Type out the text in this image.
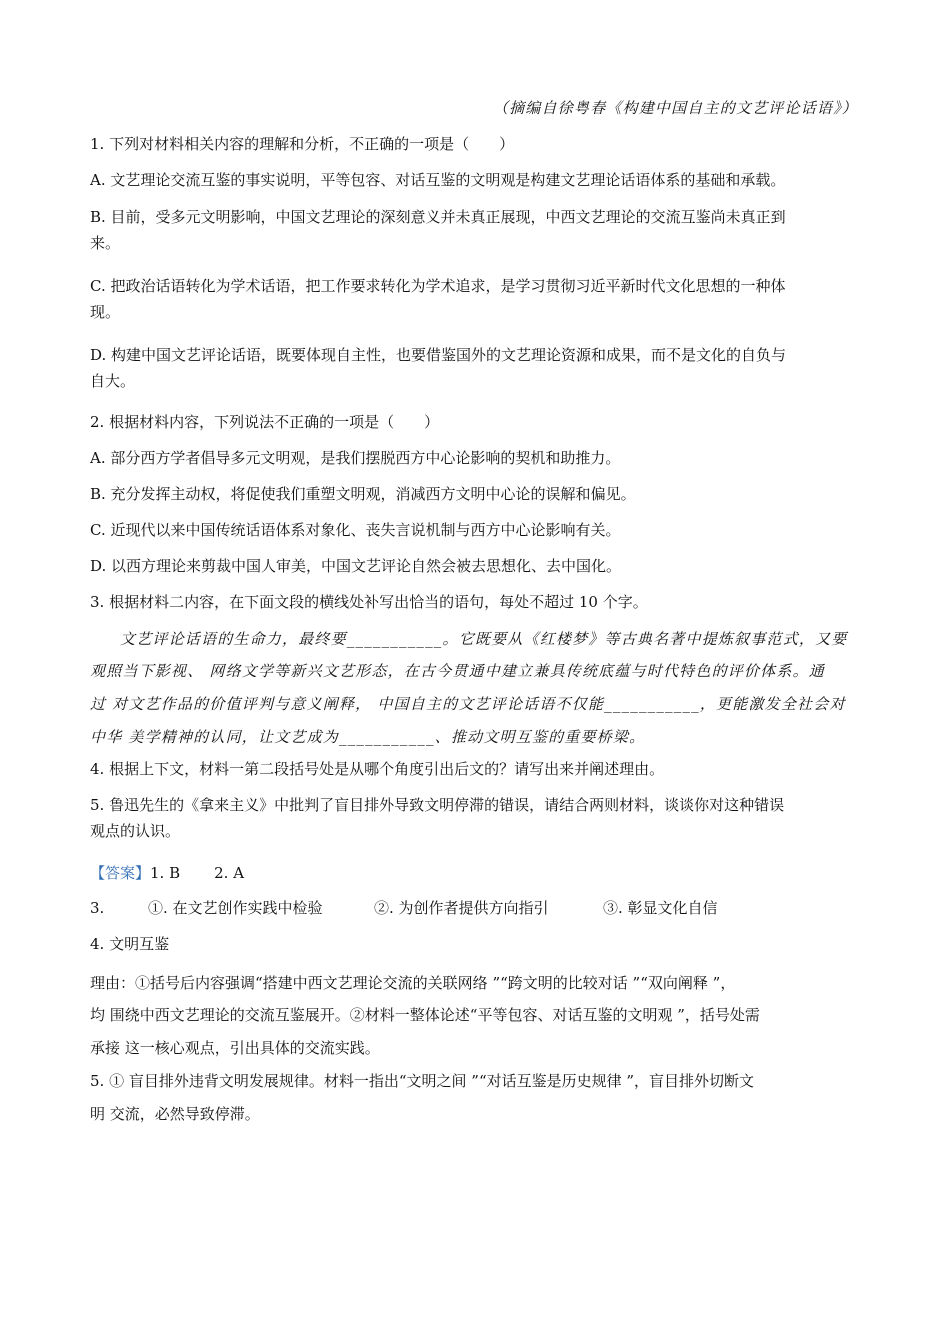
（摘编自徐粤春《构建中国自主的文艺评论话语》）
1. 下列对材料相关内容的理解和分析，不正确的一项是（　　）
A. 文艺理论交流互鉴的事实说明，平等包容、对话互鉴的文明观是构建文艺理论话语体系的基础和承载。
B. 目前，受多元文明影响，中国文艺理论的深刻意义并未真正展现，中西文艺理论的交流互鉴尚未真正到
来。
C. 把政治话语转化为学术话语，把工作要求转化为学术追求，是学习贯彻习近平新时代文化思想的一种体
现。
D. 构建中国文艺评论话语，既要体现自主性，也要借鉴国外的文艺理论资源和成果，而不是文化的自负与
自大。
2. 根据材料内容，下列说法不正确的一项是（　　）
A. 部分西方学者倡导多元文明观，是我们摆脱西方中心论影响的契机和助推力。
B. 充分发挥主动权，将促使我们重塑文明观，消减西方文明中心论的误解和偏见。
C. 近现代以来中国传统话语体系对象化、丧失言说机制与西方中心论影响有关。
D. 以西方理论来剪裁中国人审美，中国文艺评论自然会被去思想化、去中国化。
3. 根据材料二内容，在下面文段的横线处补写出恰当的语句，每处不超过 10 个字。
文艺评论话语的生命力，最终要___________。它既要从《红楼梦》等古典名著中提炼叙事范式，又要
观照当下影视、 网络文学等新兴文艺形态，在古今贯通中建立兼具传统底蕴与时代特色的评价体系。通
过 对文艺作品的价值评判与意义阐释， 中国自主的文艺评论话语不仅能___________，更能激发全社会对
中华 美学精神的认同，让文艺成为___________、推动文明互鉴的重要桥梁。
4. 根据上下文，材料一第二段括号处是从哪个角度引出后文的？请写出来并阐述理由。
5. 鲁迅先生的《拿来主义》中批判了盲目排外导致文明停滞的错误，请结合两则材料，谈谈你对这种错误
观点的认识。
【答案】1. B 2. A
3.	①. 在文艺创作实践中检验	②. 为创作者提供方向指引	③. 彰显文化自信
4. 文明互鉴
理由：①括号后内容强调“搭建中西文艺理论交流的关联网络 ”“跨文明的比较对话 ”“双向阐释 ”，
均 围绕中西文艺理论的交流互鉴展开。②材料一整体论述“平等包容、对话互鉴的文明观 ”，括号处需
承接 这一核心观点，引出具体的交流实践。
5. ① 盲目排外违背文明发展规律。材料一指出“文明之间 ”“对话互鉴是历史规律 ”，盲目排外切断文
明 交流，必然导致停滞。
